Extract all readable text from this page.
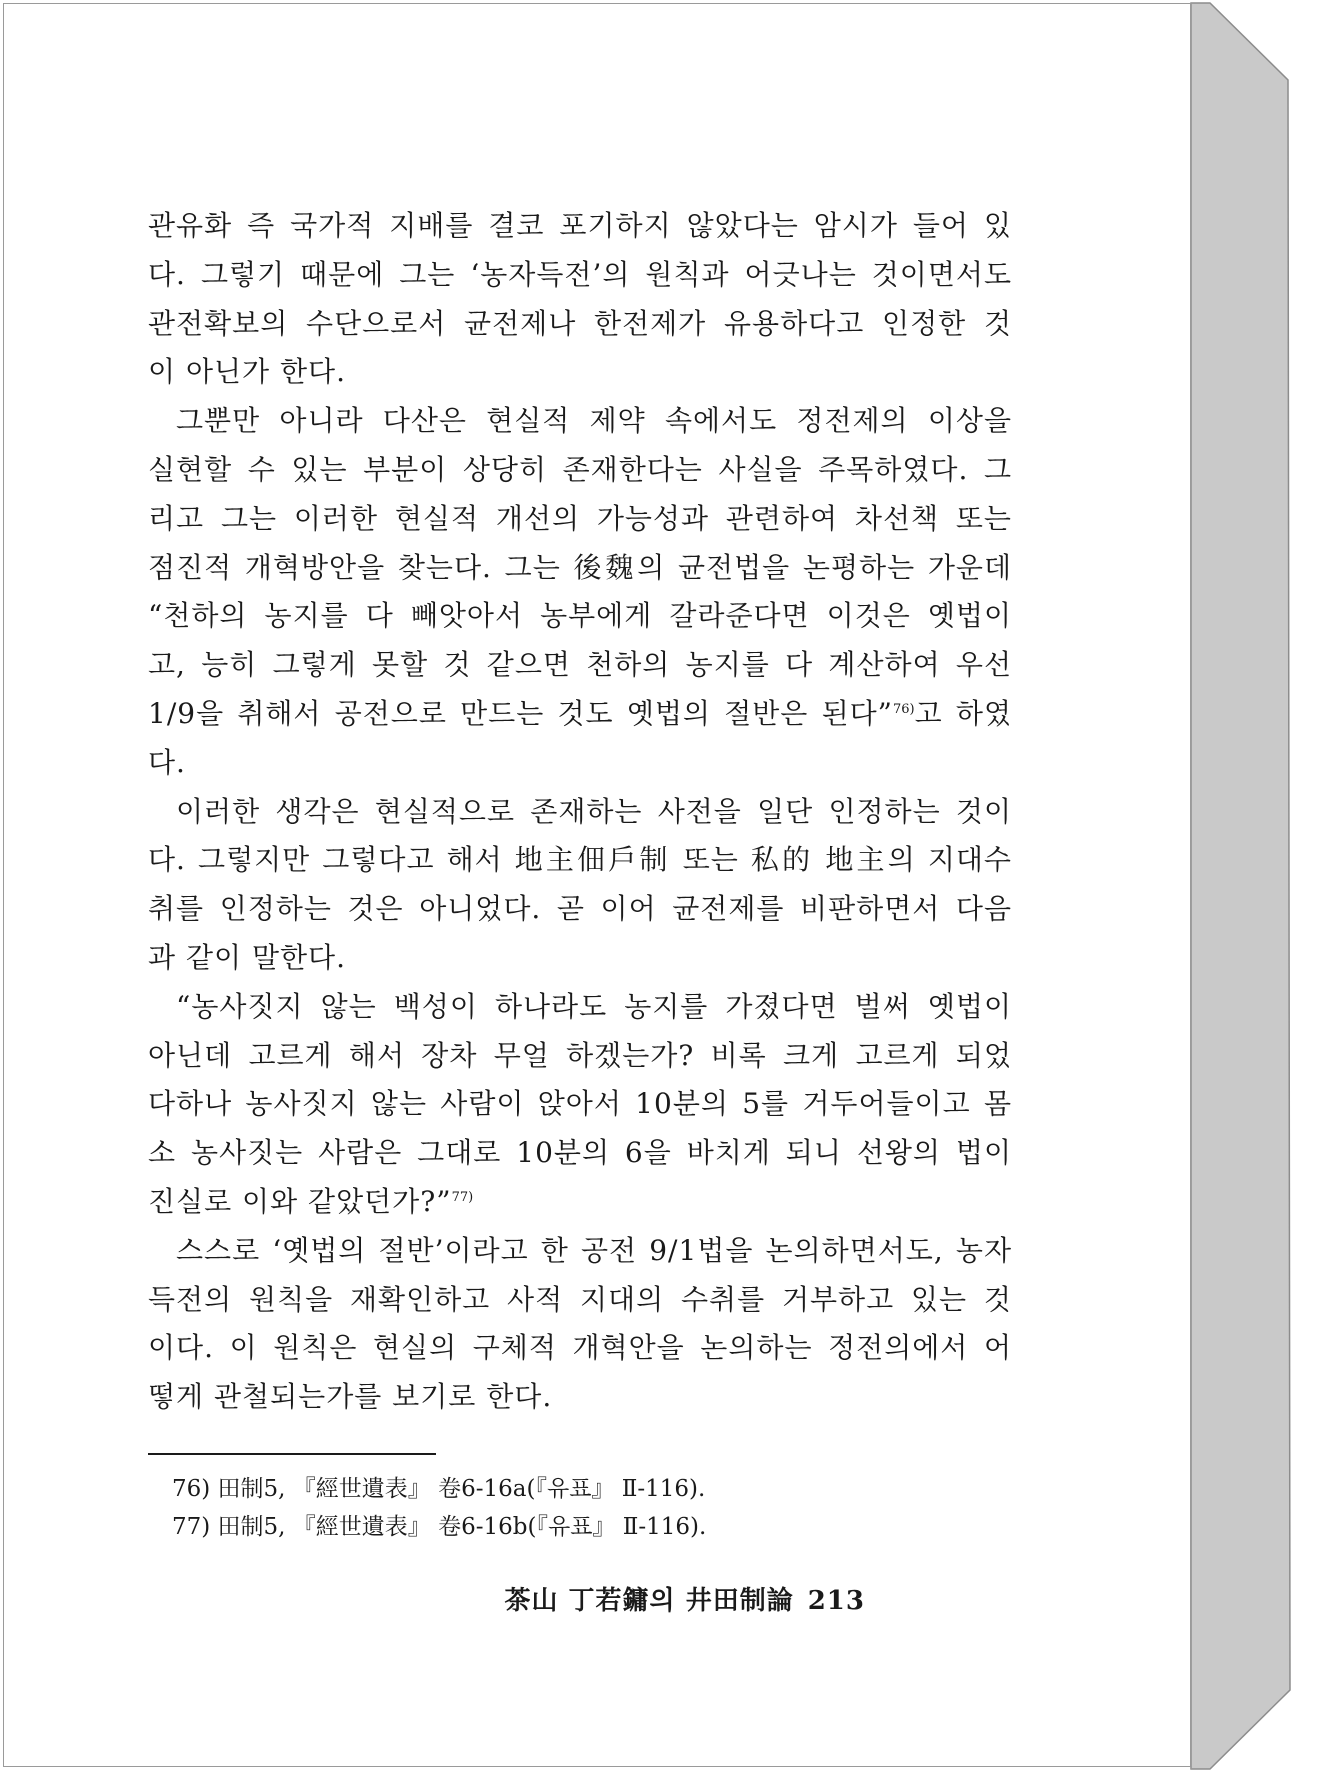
관유화 즉 국가적 지배를 결코 포기하지 않았다는 암시가 들어 있
다. 그렇기 때문에 그는 ‘농자득전’의 원칙과 어긋나는 것이면서도
관전확보의 수단으로서 균전제나 한전제가 유용하다고 인정한 것
이 아닌가 한다.
그뿐만 아니라 다산은 현실적 제약 속에서도 정전제의 이상을
실현할 수 있는 부분이 상당히 존재한다는 사실을 주목하였다. 그
리고 그는 이러한 현실적 개선의 가능성과 관련하여 차선책 또는
점진적 개혁방안을 찾는다. 그는 後魏의 균전법을 논평하는 가운데
“천하의 농지를 다 빼앗아서 농부에게 갈라준다면 이것은 옛법이
고, 능히 그렇게 못할 것 같으면 천하의 농지를 다 계산하여 우선
1/9을 취해서 공전으로 만드는 것도 옛법의 절반은 된다”$^{76)}$고 하였
다.
이러한 생각은 현실적으로 존재하는 사전을 일단 인정하는 것이
다. 그렇지만 그렇다고 해서 地主佃戶制 또는 私的 地主의 지대수
취를 인정하는 것은 아니었다. 곧 이어 균전제를 비판하면서 다음
과 같이 말한다.
“농사짓지 않는 백성이 하나라도 농지를 가졌다면 벌써 옛법이
아닌데 고르게 해서 장차 무얼 하겠는가? 비록 크게 고르게 되었
다하나 농사짓지 않는 사람이 앉아서 10분의 5를 거두어들이고 몸
소 농사짓는 사람은 그대로 10분의 6을 바치게 되니 선왕의 법이
진실로 이와 같았던가?”$^{77)}$
스스로 ‘옛법의 절반’이라고 한 공전 9/1법을 논의하면서도, 농자
득전의 원칙을 재확인하고 사적 지대의 수취를 거부하고 있는 것
이다. 이 원칙은 현실의 구체적 개혁안을 논의하는 정전의에서 어
떻게 관철되는가를 보기로 한다.
76) 田制5, 『經世遺表』 卷6-16a(『유표』 Ⅱ-116).
77) 田制5, 『經世遺表』 卷6-16b(『유표』 Ⅱ-116).
茶山 丁若鏞의 井田制論 213
